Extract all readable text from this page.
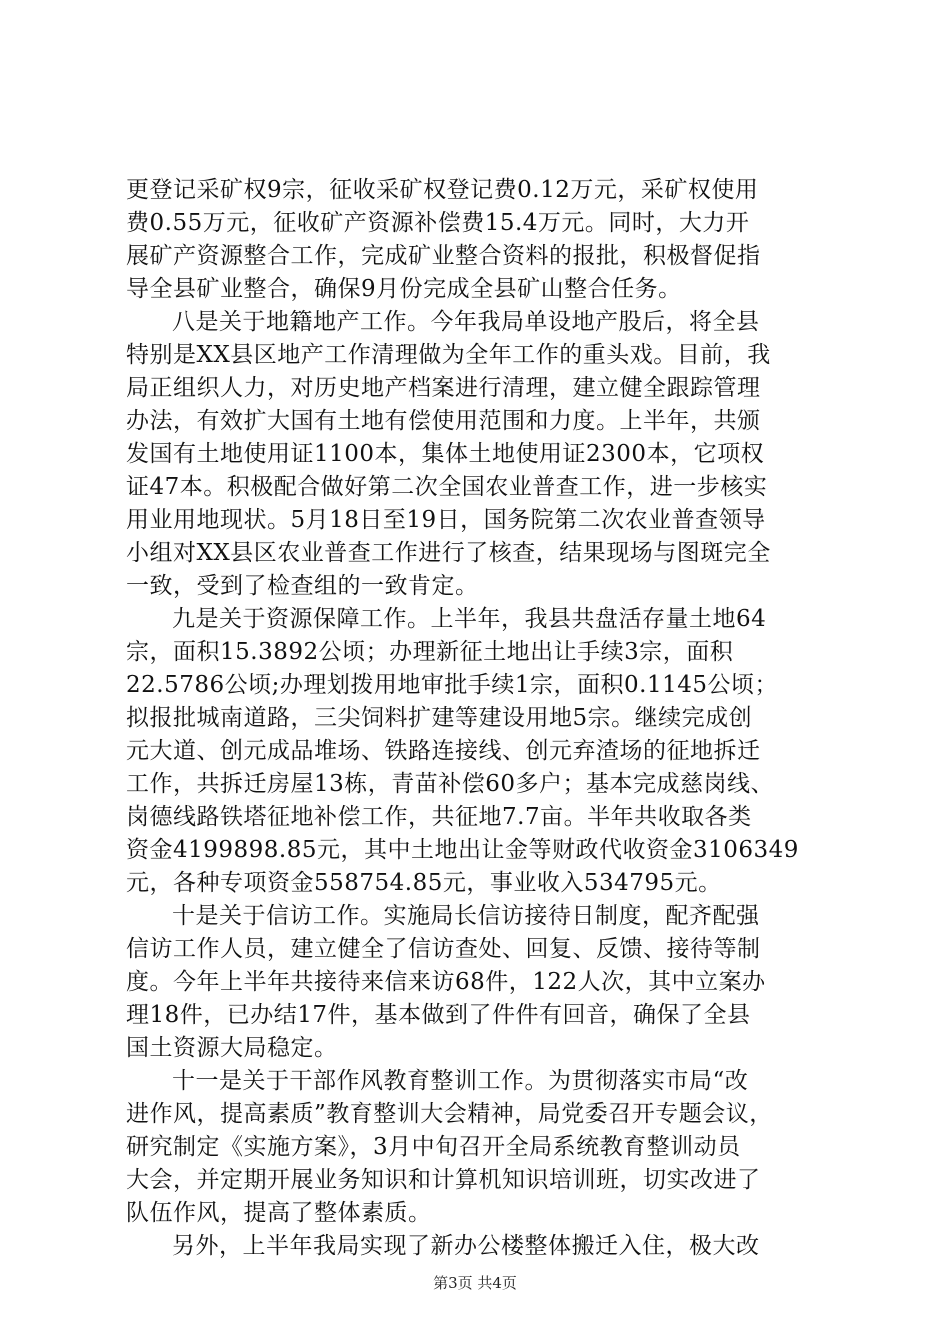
更登记采矿权9宗，征收采矿权登记费0.12万元，采矿权使用
费0.55万元，征收矿产资源补偿费15.4万元。同时，大力开
展矿产资源整合工作，完成矿业整合资料的报批，积极督促指
导全县矿业整合，确保9月份完成全县矿山整合任务。
八是关于地籍地产工作。今年我局单设地产股后，将全县
特别是XX县区地产工作清理做为全年工作的重头戏。目前，我
局正组织人力，对历史地产档案进行清理，建立健全跟踪管理
办法，有效扩大国有土地有偿使用范围和力度。上半年，共颁
发国有土地使用证1100本，集体土地使用证2300本，它项权
证47本。积极配合做好第二次全国农业普查工作，进一步核实
用业用地现状。5月18日至19日，国务院第二次农业普查领导
小组对XX县区农业普查工作进行了核查，结果现场与图斑完全
一致，受到了检查组的一致肯定。
九是关于资源保障工作。上半年，我县共盘活存量土地64
宗，面积15.3892公顷；办理新征土地出让手续3宗，面积
22.5786公顷;办理划拨用地审批手续1宗，面积0.1145公顷；
拟报批城南道路，三尖饲料扩建等建设用地5宗。继续完成创
元大道、创元成品堆场、铁路连接线、创元弃渣场的征地拆迁
工作，共拆迁房屋13栋，青苗补偿60多户；基本完成慈岗线、
岗德线路铁塔征地补偿工作，共征地7.7亩。半年共收取各类
资金4199898.85元，其中土地出让金等财政代收资金3106349
元，各种专项资金558754.85元，事业收入534795元。
十是关于信访工作。实施局长信访接待日制度，配齐配强
信访工作人员，建立健全了信访查处、回复、反馈、接待等制
度。今年上半年共接待来信来访68件，122人次，其中立案办
理18件，已办结17件，基本做到了件件有回音，确保了全县
国土资源大局稳定。
十一是关于干部作风教育整训工作。为贯彻落实市局“改
进作风，提高素质”教育整训大会精神，局党委召开专题会议，
研究制定《实施方案》，3月中旬召开全局系统教育整训动员
大会，并定期开展业务知识和计算机知识培训班，切实改进了
队伍作风，提高了整体素质。
另外，上半年我局实现了新办公楼整体搬迁入住，极大改
第3页 共4页
